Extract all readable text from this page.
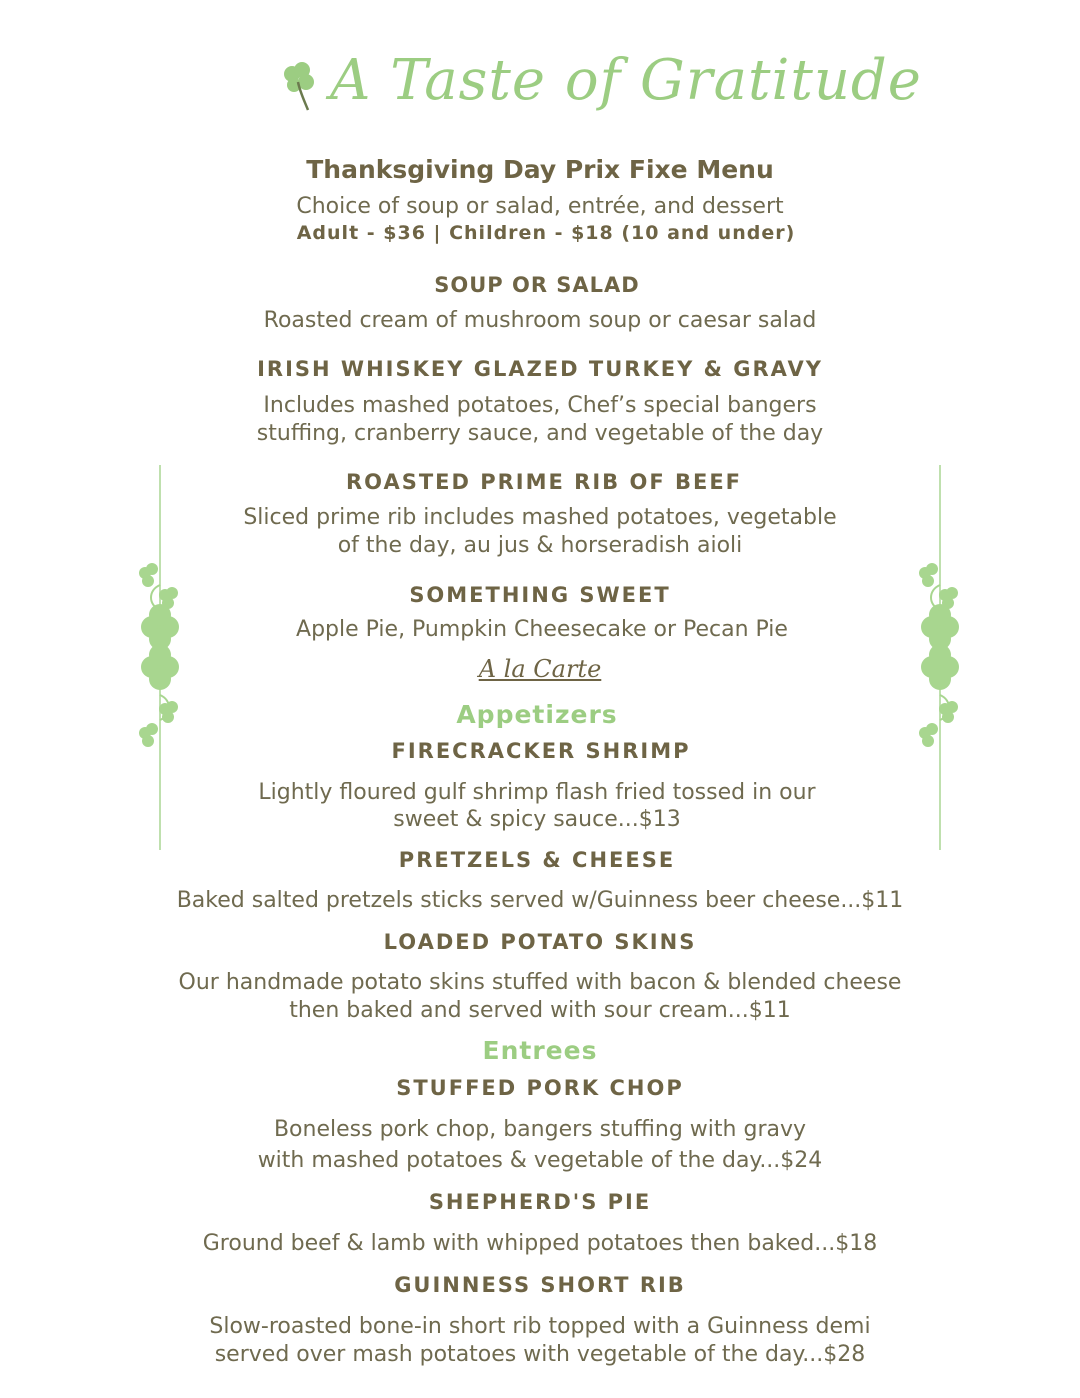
A Taste of Gratitude
Thanksgiving Day Prix Fixe Menu
Choice of soup or salad, entrée, and dessert
Adult - $36 | Children - $18 (10 and under)
SOUP OR SALAD
Roasted cream of mushroom soup or caesar salad
IRISH WHISKEY GLAZED TURKEY & GRAVY
Includes mashed potatoes, Chef’s special bangers
stuffing, cranberry sauce, and vegetable of the day
ROASTED PRIME RIB OF BEEF
Sliced prime rib includes mashed potatoes, vegetable
of the day, au jus & horseradish aioli
SOMETHING SWEET
Apple Pie, Pumpkin Cheesecake or Pecan Pie
A la Carte
Appetizers
FIRECRACKER SHRIMP
Lightly floured gulf shrimp flash fried tossed in our
sweet & spicy sauce...$13
PRETZELS & CHEESE
Baked salted pretzels sticks served w/Guinness beer cheese...$11
LOADED POTATO SKINS
Our handmade potato skins stuffed with bacon & blended cheese
then baked and served with sour cream...$11
Entrees
STUFFED PORK CHOP
Boneless pork chop, bangers stuffing with gravy
with mashed potatoes & vegetable of the day...$24
SHEPHERD'S PIE
Ground beef & lamb with whipped potatoes then baked...$18
GUINNESS SHORT RIB
Slow-roasted bone-in short rib topped with a Guinness demi
served over mash potatoes with vegetable of the day...$28
